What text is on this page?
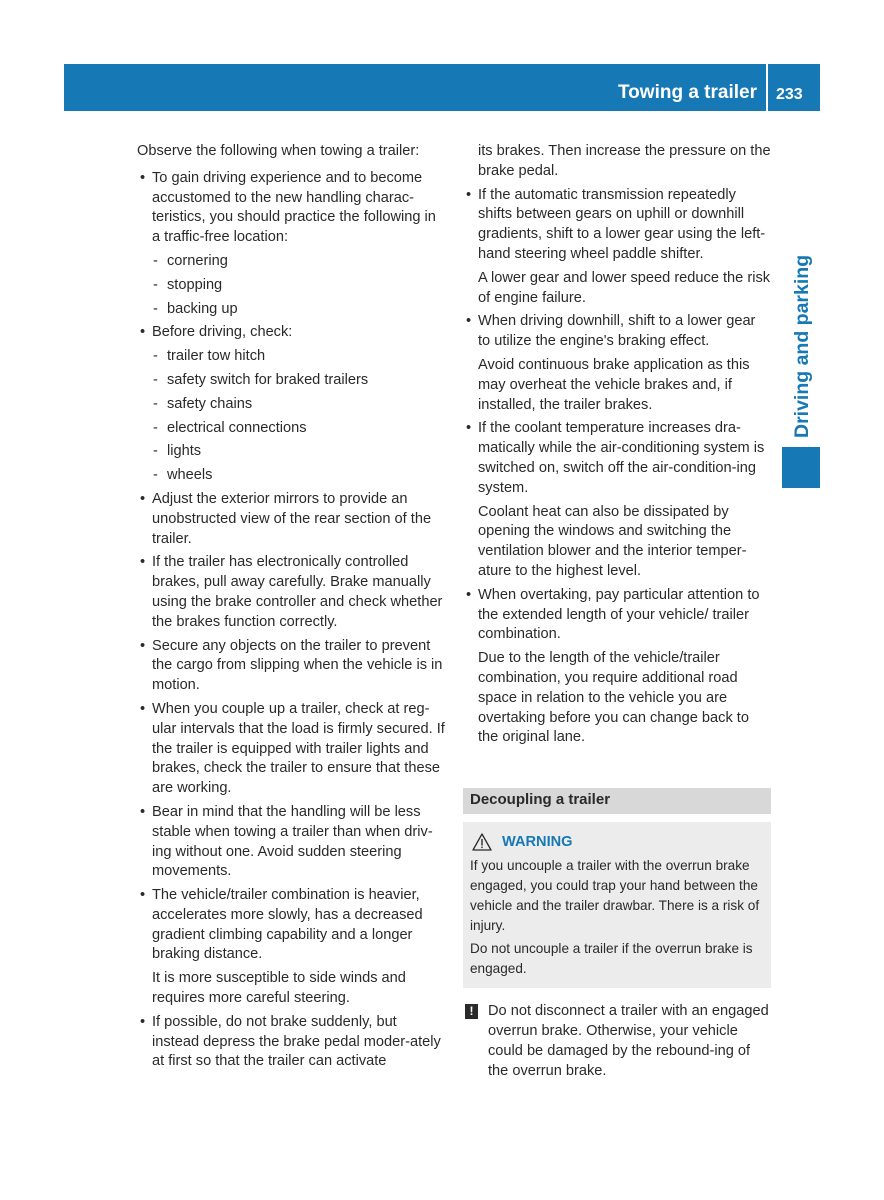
Towing a trailer 233
Driving and parking

Observe the following when towing a trailer:

• To gain driving experience and to become accustomed to the new handling charac-teristics, you should practice the following in a traffic-free location:

- cornering

- stopping

- backing up

• Before driving, check:

- trailer tow hitch

- safety switch for braked trailers

- safety chains

- electrical connections

- lights

- wheels

• Adjust the exterior mirrors to provide an unobstructed view of the rear section of the trailer.

• If the trailer has electronically controlled brakes, pull away carefully. Brake manually using the brake controller and check whether the brakes function correctly.

• Secure any objects on the trailer to prevent the cargo from slipping when the vehicle is in motion.

• When you couple up a trailer, check at reg-ular intervals that the load is firmly secured. If the trailer is equipped with trailer lights and brakes, check the trailer to ensure that these are working.

• Bear in mind that the handling will be less stable when towing a trailer than when driv-ing without one. Avoid sudden steering movements.

• The vehicle/trailer combination is heavier, accelerates more slowly, has a decreased gradient climbing capability and a longer braking distance.

It is more susceptible to side winds and requires more careful steering.

• If possible, do not brake suddenly, but instead depress the brake pedal moder-ately at first so that the trailer can activate

its brakes. Then increase the pressure on the brake pedal.

• If the automatic transmission repeatedly shifts between gears on uphill or downhill gradients, shift to a lower gear using the left-hand steering wheel paddle shifter.

A lower gear and lower speed reduce the risk of engine failure.

• When driving downhill, shift to a lower gear to utilize the engine's braking effect.

Avoid continuous brake application as this may overheat the vehicle brakes and, if installed, the trailer brakes.

• If the coolant temperature increases dra-matically while the air-conditioning system is switched on, switch off the air-condition-ing system.

Coolant heat can also be dissipated by opening the windows and switching the ventilation blower and the interior temper-ature to the highest level.

• When overtaking, pay particular attention to the extended length of your vehicle/ trailer combination.

Due to the length of the vehicle/trailer combination, you require additional road space in relation to the vehicle you are overtaking before you can change back to the original lane.

Decoupling a trailer
WARNING

If you uncouple a trailer with the overrun brake engaged, you could trap your hand between the vehicle and the trailer drawbar. There is a risk of injury.

Do not uncouple a trailer if the overrun brake is engaged.

! Do not disconnect a trailer with an engaged overrun brake. Otherwise, your vehicle could be damaged by the rebound-ing of the overrun brake.
